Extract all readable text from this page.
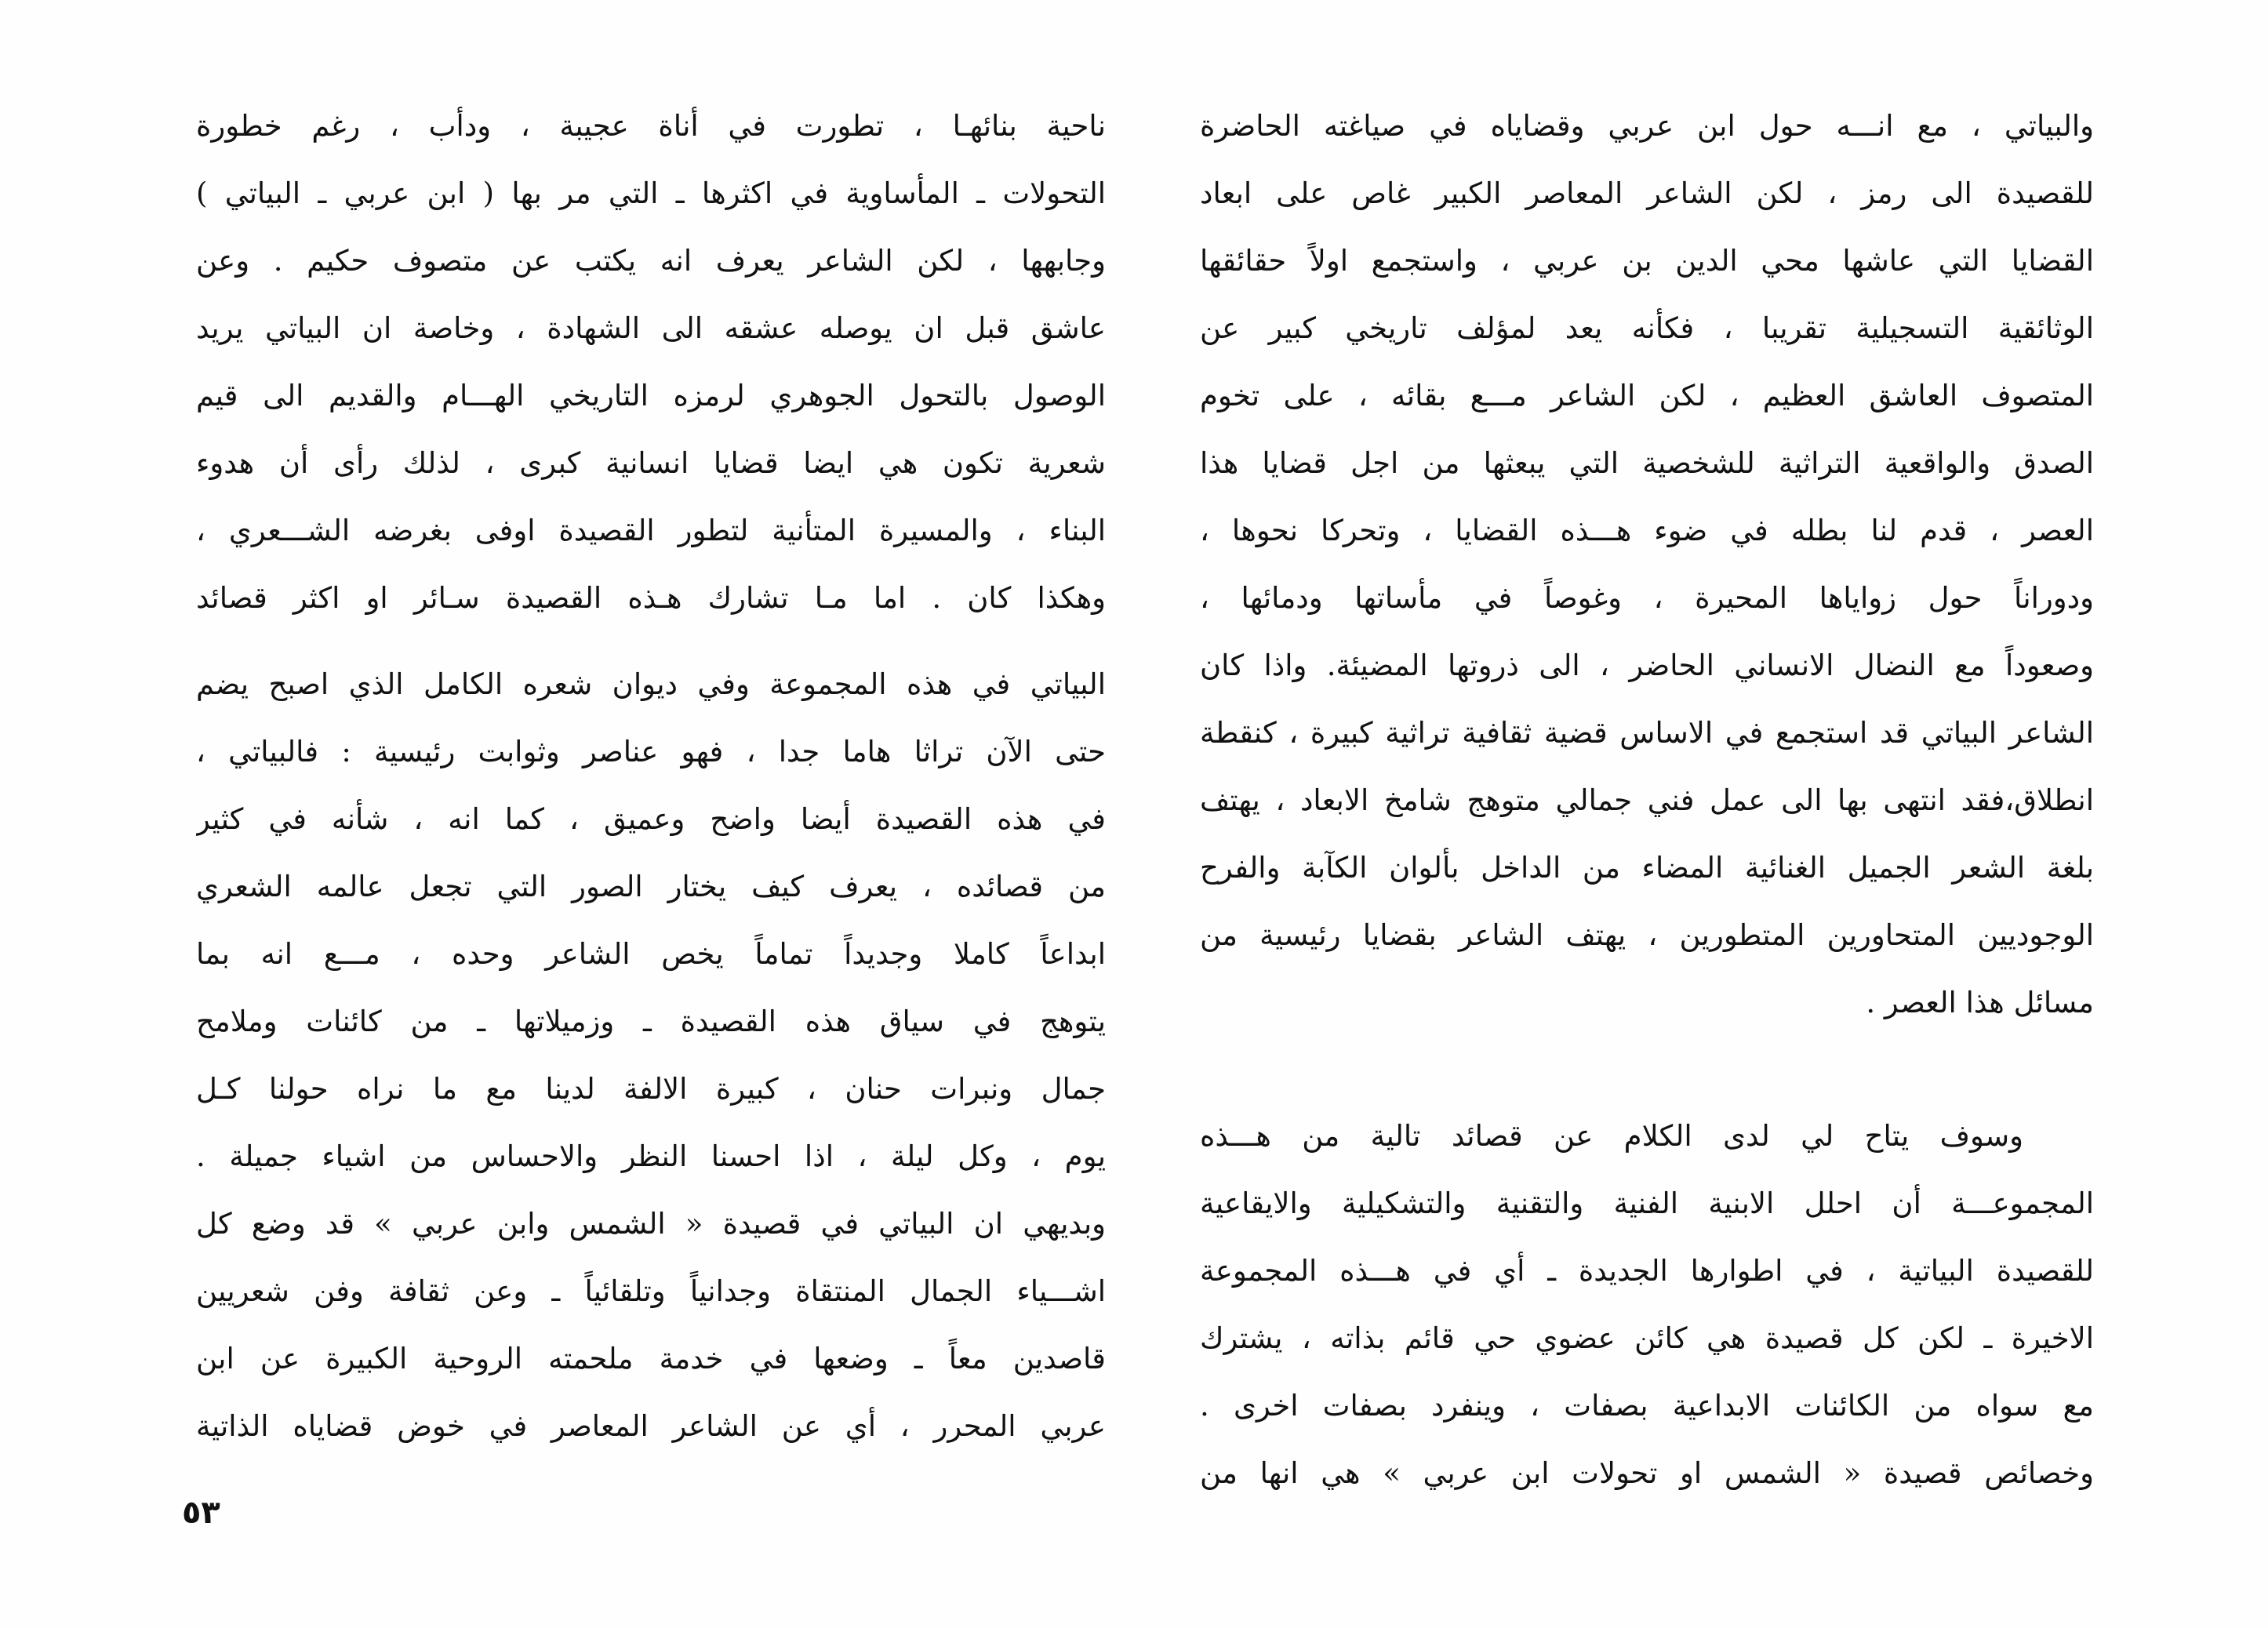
والبياتي ، مع انـــه حول ابن عربي وقضاياه في صياغته الحاضرة
للقصيدة الى رمز ، لكن الشاعر المعاصر الكبير غاص على ابعاد
القضايا التي عاشها محي الدين بن عربي ، واستجمع اولاً حقائقها
الوثائقية التسجيلية تقريبا ، فكأنه يعد لمؤلف تاريخي كبير عن
المتصوف العاشق العظيم ، لكن الشاعر مـــع بقائه ، على تخوم
الصدق والواقعية التراثية للشخصية التي يبعثها من اجل قضايا هذا
العصر ، قدم لنا بطله في ضوء هـــذه القضايا ، وتحركا نحوها ،
ودوراناً حول زواياها المحيرة ، وغوصاً في مأساتها ودمائها ،
وصعوداً مع النضال الانساني الحاضر ، الى ذروتها المضيئة. واذا كان
الشاعر البياتي قد استجمع في الاساس قضية ثقافية تراثية كبيرة ، كنقطة
انطلاق،فقد انتهى بها الى عمل فني جمالي متوهج شامخ الابعاد ، يهتف
بلغة الشعر الجميل الغنائية المضاء من الداخل بألوان الكآبة والفرح
الوجوديين المتحاورين المتطورين ، يهتف الشاعر بقضايا رئيسية من
مسائل هذا العصر .
وسوف يتاح لي لدى الكلام عن قصائد تالية من هـــذه
المجموعـــة أن احلل الابنية الفنية والتقنية والتشكيلية والايقاعية
للقصيدة البياتية ، في اطوارها الجديدة ـ أي في هـــذه المجموعة
الاخيرة ـ لكن كل قصيدة هي كائن عضوي حي قائم بذاته ، يشترك
مع سواه من الكائنات الابداعية بصفات ، وينفرد بصفات اخرى .
وخصائص قصيدة « الشمس او تحولات ابن عربي » هي انها من
ناحية بنائهـا ، تطورت في أناة عجيبة ، ودأب ، رغم خطورة
التحولات ـ المأساوية في اكثرها ـ التي مر بها ( ابن عربي ـ البياتي )
وجابهها ، لكن الشاعر يعرف انه يكتب عن متصوف حكيم . وعن
عاشق قبل ان يوصله عشقه الى الشهادة ، وخاصة ان البياتي يريد
الوصول بالتحول الجوهري لرمزه التاريخي الهـــام والقديم الى قيم
شعرية تكون هي ايضا قضايا انسانية كبرى ، لذلك رأى أن هدوء
البناء ، والمسيرة المتأنية لتطور القصيدة اوفى بغرضه الشـــعري ،
وهكذا كان . اما مـا تشارك هـذه القصيدة سـائر او اكثر قصائد
البياتي في هذه المجموعة وفي ديوان شعره الكامل الذي اصبح يضم
حتى الآن تراثا هاما جدا ، فهو عناصر وثوابت رئيسية : فالبياتي ،
في هذه القصيدة أيضا واضح وعميق ، كما انه ، شأنه في كثير
من قصائده ، يعرف كيف يختار الصور التي تجعل عالمه الشعري
ابداعاً كاملا وجديداً تماماً يخص الشاعر وحده ، مـــع انه بما
يتوهج في سياق هذه القصيدة ـ وزميلاتها ـ من كائنات وملامح
جمال ونبرات حنان ، كبيرة الالفة لدينا مع ما نراه حولنا كـل
يوم ، وكل ليلة ، اذا احسنا النظر والاحساس من اشياء جميلة .
وبديهي ان البياتي في قصيدة « الشمس وابن عربي » قد وضع كل
اشـــياء الجمال المنتقاة وجدانياً وتلقائياً ـ وعن ثقافة وفن شعريين
قاصدين معاً ـ وضعها في خدمة ملحمته الروحية الكبيرة عن ابن
عربي المحرر ، أي عن الشاعر المعاصر في خوض قضاياه الذاتية
٥٣
